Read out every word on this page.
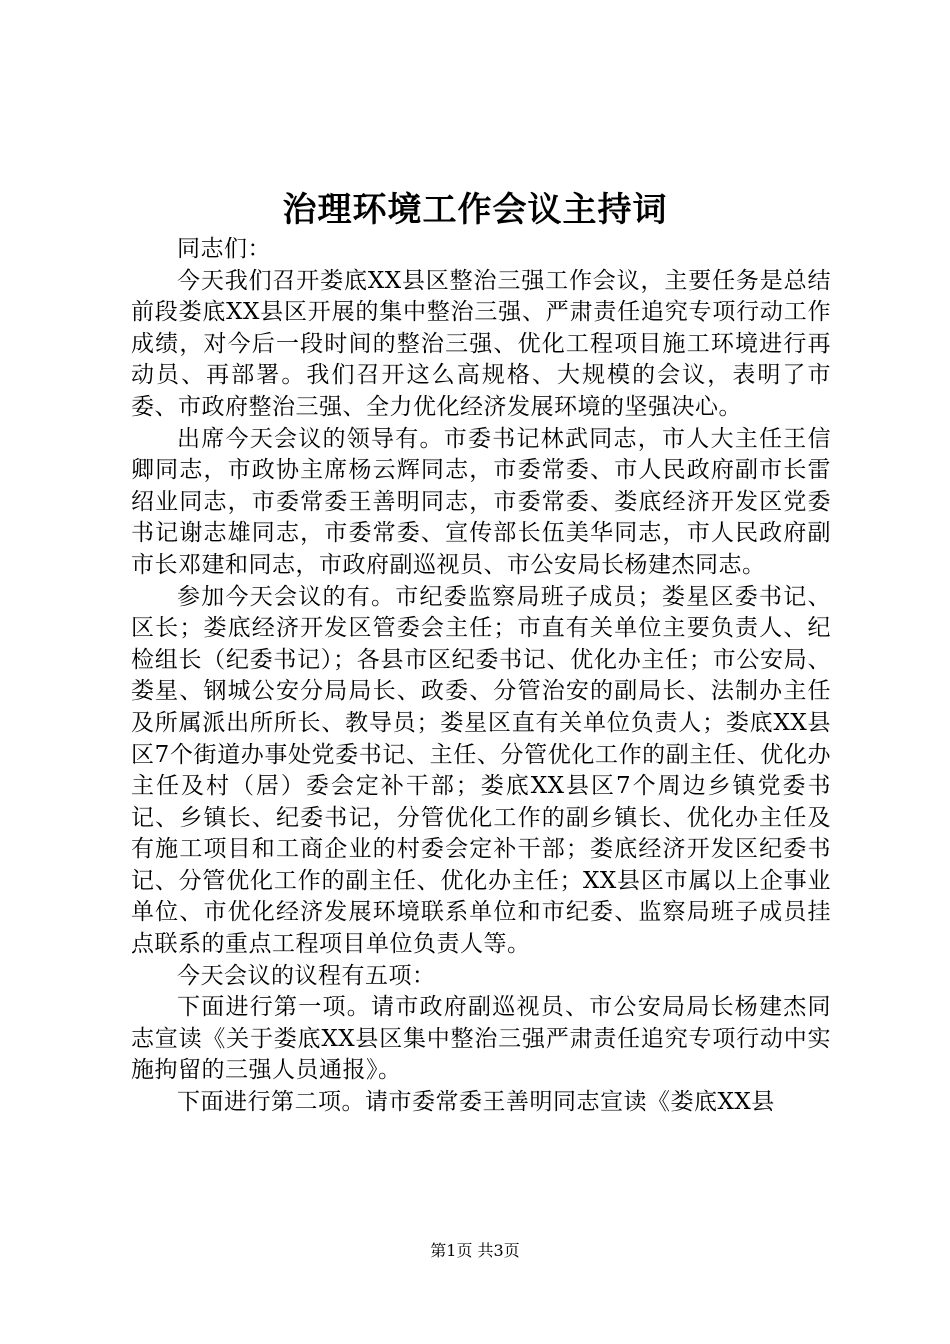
治理环境工作会议主持词

同志们：

今天我们召开娄底XX县区整治三强工作会议，主要任务是总结前段娄底XX县区开展的集中整治三强、严肃责任追究专项行动工作成绩，对今后一段时间的整治三强、优化工程项目施工环境进行再动员、再部署。我们召开这么高规格、大规模的会议，表明了市委、市政府整治三强、全力优化经济发展环境的坚强决心。

出席今天会议的领导有。市委书记林武同志，市人大主任王信卿同志，市政协主席杨云辉同志，市委常委、市人民政府副市长雷绍业同志，市委常委王善明同志，市委常委、娄底经济开发区党委书记谢志雄同志，市委常委、宣传部长伍美华同志，市人民政府副市长邓建和同志，市政府副巡视员、市公安局长杨建杰同志。

参加今天会议的有。市纪委监察局班子成员；娄星区委书记、区长；娄底经济开发区管委会主任；市直有关单位主要负责人、纪检组长（纪委书记）；各县市区纪委书记、优化办主任；市公安局、娄星、钢城公安分局局长、政委、分管治安的副局长、法制办主任及所属派出所所长、教导员；娄星区直有关单位负责人；娄底XX县区7个街道办事处党委书记、主任、分管优化工作的副主任、优化办主任及村（居）委会定补干部；娄底XX县区7个周边乡镇党委书记、乡镇长、纪委书记，分管优化工作的副乡镇长、优化办主任及有施工项目和工商企业的村委会定补干部；娄底经济开发区纪委书记、分管优化工作的副主任、优化办主任；XX县区市属以上企事业单位、市优化经济发展环境联系单位和市纪委、监察局班子成员挂点联系的重点工程项目单位负责人等。

今天会议的议程有五项：

下面进行第一项。请市政府副巡视员、市公安局局长杨建杰同志宣读《关于娄底XX县区集中整治三强严肃责任追究专项行动中实施拘留的三强人员通报》。

下面进行第二项。请市委常委王善明同志宣读《娄底XX县

第1页 共3页
